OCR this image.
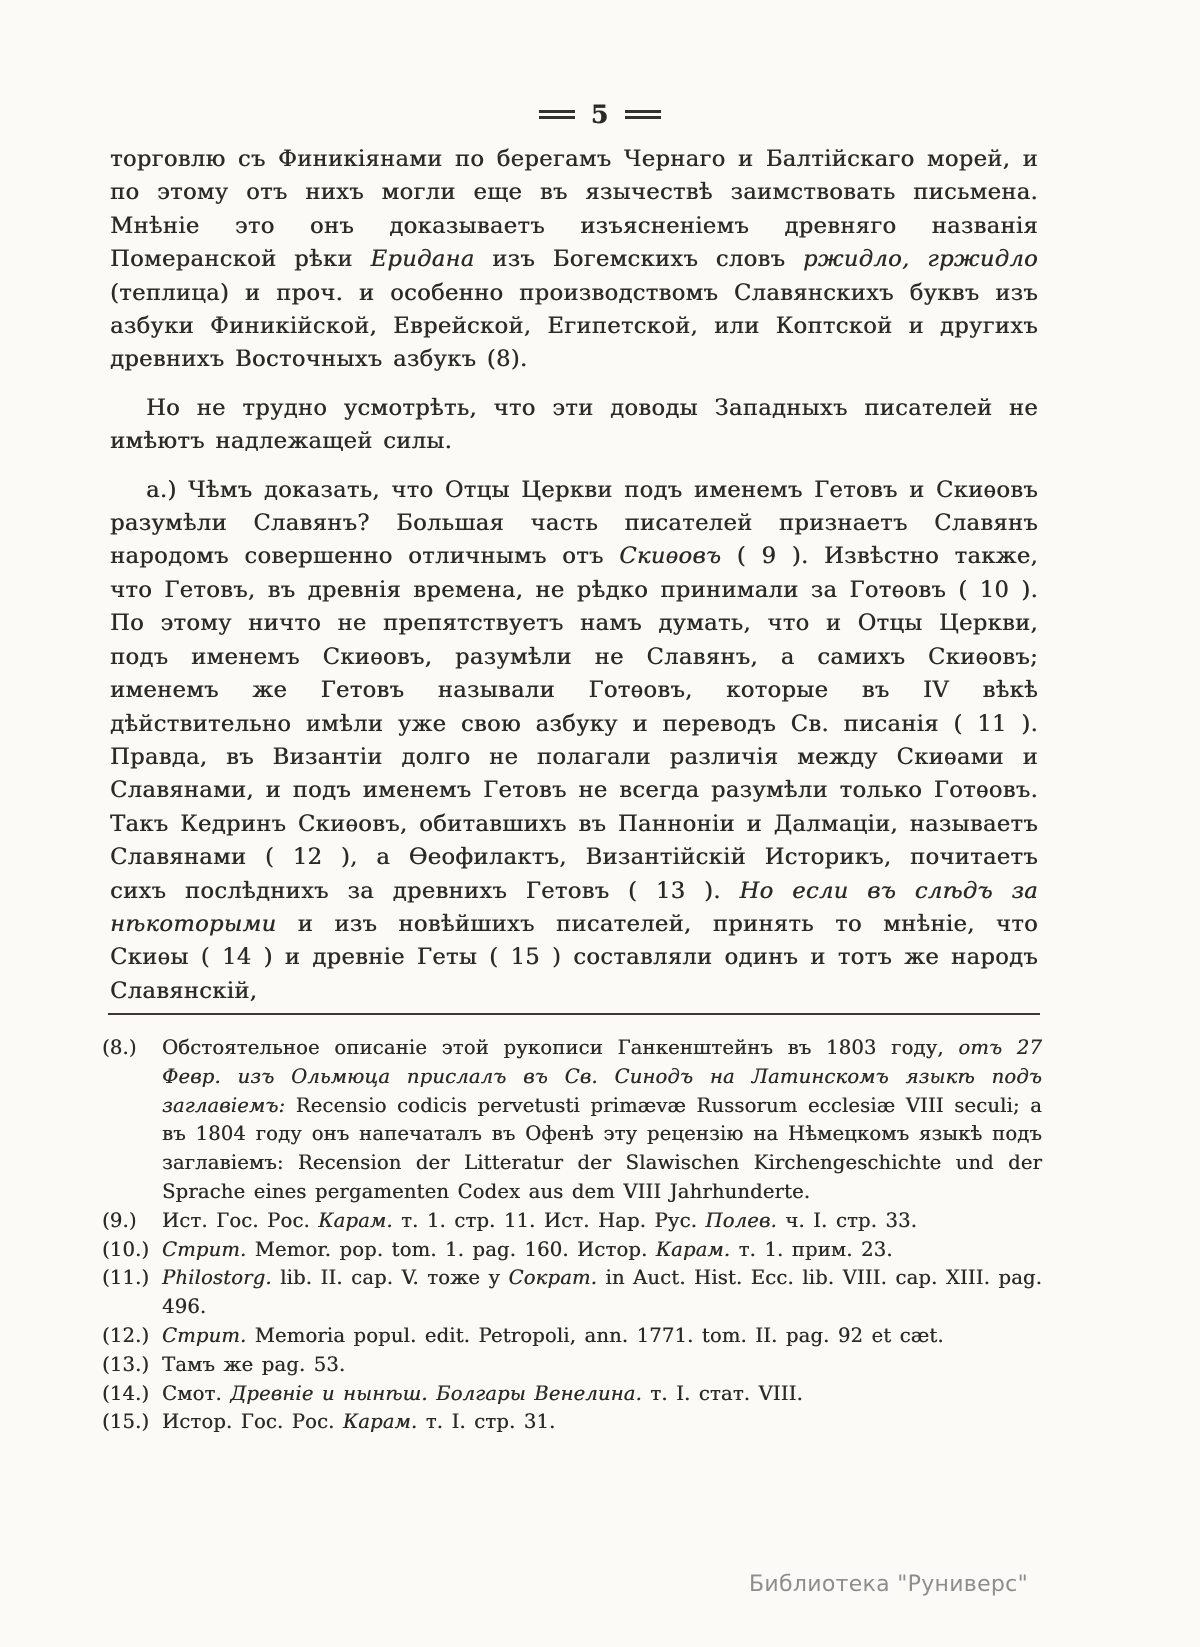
5

торговлю съ Финикіянами по берегамъ Чернаго и Балтійскаго морей, и по этому отъ нихъ могли еще въ язычествѣ заимствовать письмена. Мнѣніе это онъ доказываетъ изъясненіемъ древняго названія Померанской рѣки Еридана изъ Богемскихъ словъ ржидло, гржидло (теплица) и проч. и особенно производствомъ Славянскихъ буквъ изъ азбуки Финикійской, Еврейской, Египетской, или Коптской и другихъ древнихъ Восточныхъ азбукъ (8).

Но не трудно усмотрѣть, что эти доводы Западныхъ писателей не имѣютъ надлежащей силы.

а.) Чѣмъ доказать, что Отцы Церкви подъ именемъ Гетовъ и Скиѳовъ разумѣли Славянъ? Большая часть писателей признаетъ Славянъ народомъ совершенно отличнымъ отъ Скиѳовъ ( 9 ). Извѣстно также, что Гетовъ, въ древнія времена, не рѣдко принимали за Готѳовъ ( 10 ). По этому ничто не препятствуетъ намъ думать, что и Отцы Церкви, подъ именемъ Скиѳовъ, разумѣли не Славянъ, а самихъ Скиѳовъ; именемъ же Гетовъ называли Готѳовъ, которые въ IV вѣкѣ дѣйствительно имѣли уже свою азбуку и переводъ Св. писанія ( 11 ). Правда, въ Византіи долго не полагали различія между Скиѳами и Славянами, и подъ именемъ Гетовъ не всегда разумѣли только Готѳовъ. Такъ Кедринъ Скиѳовъ, обитавшихъ въ Панноніи и Далмаціи, называетъ Славянами ( 12 ), а Ѳеофилактъ, Византійскій Историкъ, почитаетъ сихъ послѣднихъ за древнихъ Гетовъ ( 13 ). Но если въ слѣдъ за нѣкоторыми и изъ новѣйшихъ писателей, принять то мнѣніе, что Скиѳы ( 14 ) и древніе Геты ( 15 ) составляли одинъ и тотъ же народъ Славянскій,

(8.) Обстоятельное описаніе этой рукописи Ганкенштейнъ въ 1803 году, отъ 27 Февр. изъ Ольмюца прислалъ въ Св. Синодъ на Латинскомъ языкѣ подъ заглавіемъ: Recensio codicis pervetusti primævæ Russorum ecclesiæ VIII seculi; а въ 1804 году онъ напечаталъ въ Офенѣ эту рецензію на Нѣмецкомъ языкѣ подъ заглавіемъ: Recension der Litteratur der Slawischen Kirchengeschichte und der Sprache eines pergamenten Codex aus dem VIII Jahrhunderte.

(9.) Ист. Гос. Рос. Карам. т. 1. стр. 11. Ист. Нар. Рус. Полев. ч. I. стр. 33.

(10.) Стрит. Memor. pop. tom. 1. pag. 160. Истор. Карам. т. 1. прим. 23.

(11.) Philostorg. lib. II. cap. V. тоже у Сократ. in Auct. Hist. Ecc. lib. VIII. cap. XIII. pag. 496.

(12.) Стрит. Memoria popul. edit. Petropoli, ann. 1771. tom. II. pag. 92 et cæt.

(13.) Тамъ же pag. 53.

(14.) Смот. Древніе и нынѣш. Болгары Венелина. т. I. стат. VIII.

(15.) Истор. Гос. Рос. Карам. т. I. стр. 31.

Библиотека "Руниверс"
